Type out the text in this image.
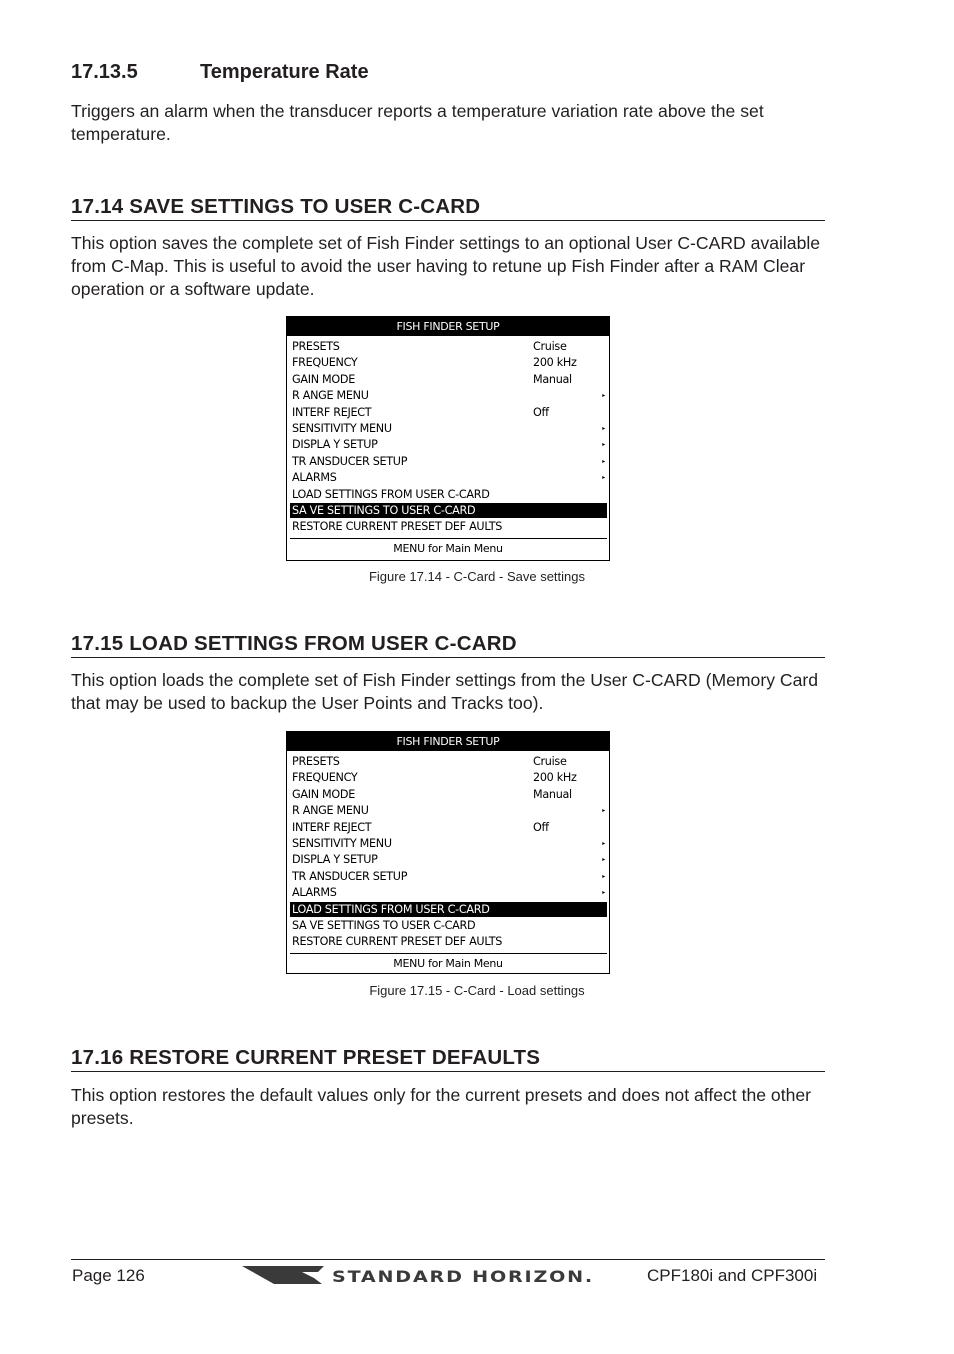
17.13.5	Temperature Rate
Triggers an alarm when the transducer reports a temperature variation rate above the set temperature.
17.14 SAVE SETTINGS TO USER C-CARD
This option saves the complete set of Fish Finder settings to an optional User C-CARD available from C-Map. This is useful to avoid the user having to retune up Fish Finder after a RAM Clear operation or a software update.
FISH FINDER SETUP
PRESETS	Cruise
FREQUENCY	200 kHz
GAIN MODE	Manual
R ANGE MENU	▸
INTERF REJECT	Off
SENSITIVITY MENU	▸
DISPLA Y SETUP	▸
TR ANSDUCER SETUP	▸
ALARMS	▸
LOAD SETTINGS FROM USER C-CARD
SA VE SETTINGS TO USER C-CARD
RESTORE CURRENT PRESET DEF AULTS
MENU for Main Menu
Figure 17.14 - C-Card - Save settings
17.15 LOAD SETTINGS FROM USER C-CARD
This option loads the complete set of Fish Finder settings from the User C-CARD (Memory Card that may be used to backup the User Points and Tracks too).
FISH FINDER SETUP
PRESETS	Cruise
FREQUENCY	200 kHz
GAIN MODE	Manual
R ANGE MENU	▸
INTERF REJECT	Off
SENSITIVITY MENU	▸
DISPLA Y SETUP	▸
TR ANSDUCER SETUP	▸
ALARMS	▸
LOAD SETTINGS FROM USER C-CARD
SA VE SETTINGS TO USER C-CARD
RESTORE CURRENT PRESET DEF AULTS
MENU for Main Menu
Figure 17.15 - C-Card - Load settings
17.16 RESTORE CURRENT PRESET DEFAULTS
This option restores the default values only for the current presets and does not affect the other presets.
Page 126	STANDARD HORIZON.	CPF180i and CPF300i
